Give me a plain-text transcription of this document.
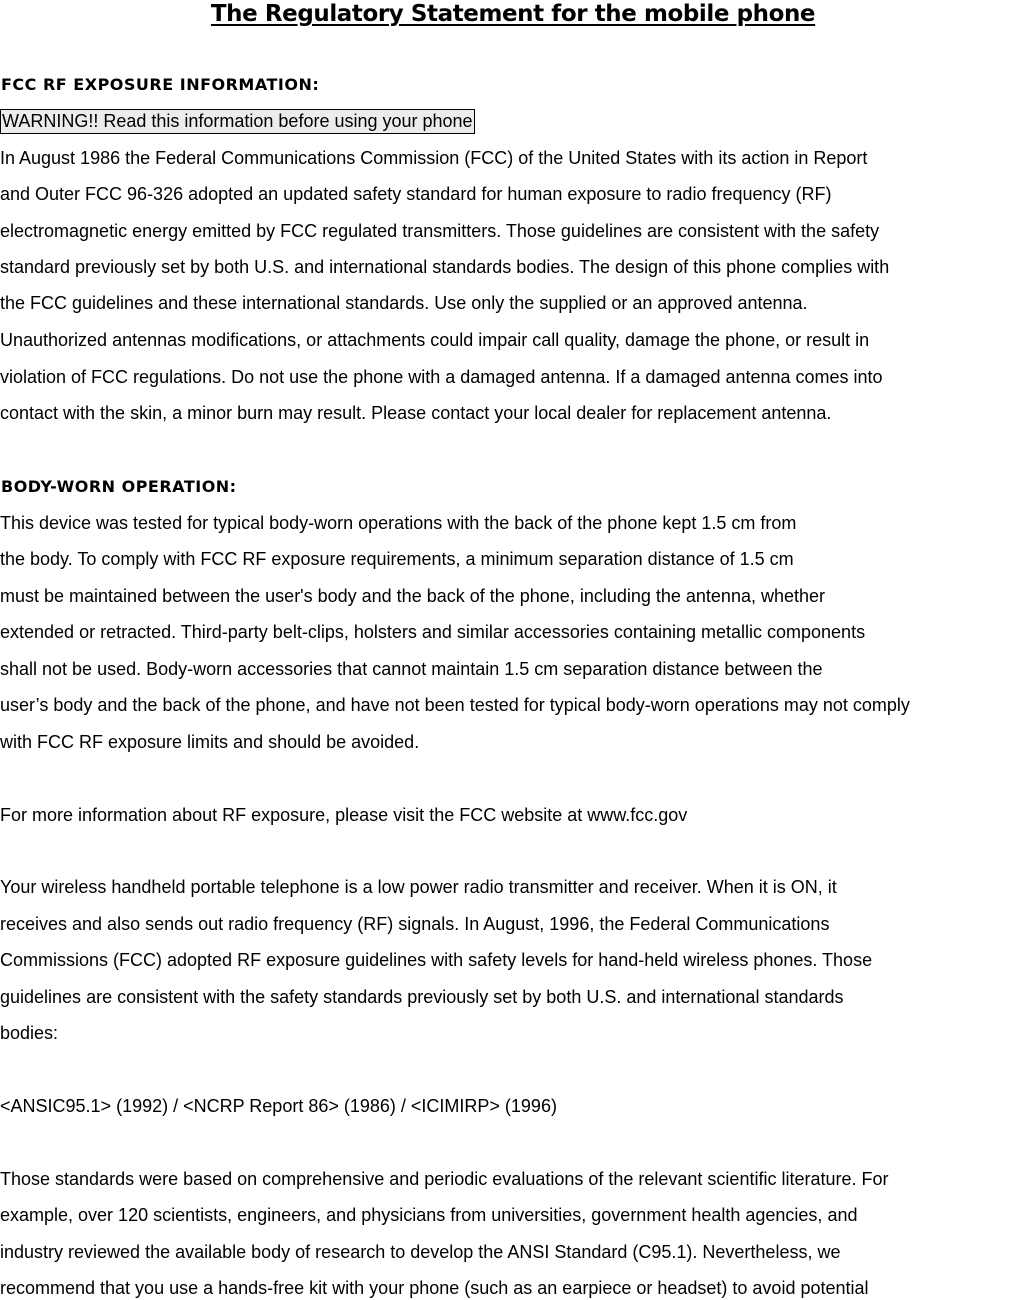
The Regulatory Statement for the mobile phone
FCC RF EXPOSURE INFORMATION:
WARNING!! Read this information before using your phone
In August 1986 the Federal Communications Commission (FCC) of the United States with its action in Report
and Outer FCC 96-326 adopted an updated safety standard for human exposure to radio frequency (RF)
electromagnetic energy emitted by FCC regulated transmitters. Those guidelines are consistent with the safety
standard previously set by both U.S. and international standards bodies. The design of this phone complies with
the FCC guidelines and these international standards. Use only the supplied or an approved antenna.
Unauthorized antennas modifications, or attachments could impair call quality, damage the phone, or result in
violation of FCC regulations. Do not use the phone with a damaged antenna. If a damaged antenna comes into
contact with the skin, a minor burn may result. Please contact your local dealer for replacement antenna.
BODY-WORN OPERATION:
This device was tested for typical body-worn operations with the back of the phone kept 1.5 cm from
the body. To comply with FCC RF exposure requirements, a minimum separation distance of 1.5 cm
must be maintained between the user's body and the back of the phone, including the antenna, whether
extended or retracted. Third-party belt-clips, holsters and similar accessories containing metallic components
shall not be used. Body-worn accessories that cannot maintain 1.5 cm separation distance between the
user’s body and the back of the phone, and have not been tested for typical body-worn operations may not comply
with FCC RF exposure limits and should be avoided.
For more information about RF exposure, please visit the FCC website at www.fcc.gov
Your wireless handheld portable telephone is a low power radio transmitter and receiver. When it is ON, it
receives and also sends out radio frequency (RF) signals. In August, 1996, the Federal Communications
Commissions (FCC) adopted RF exposure guidelines with safety levels for hand-held wireless phones. Those
guidelines are consistent with the safety standards previously set by both U.S. and international standards
bodies:
<ANSIC95.1> (1992) / <NCRP Report 86> (1986) / <ICIMIRP> (1996)
Those standards were based on comprehensive and periodic evaluations of the relevant scientific literature. For
example, over 120 scientists, engineers, and physicians from universities, government health agencies, and
industry reviewed the available body of research to develop the ANSI Standard (C95.1). Nevertheless, we
recommend that you use a hands-free kit with your phone (such as an earpiece or headset) to avoid potential
